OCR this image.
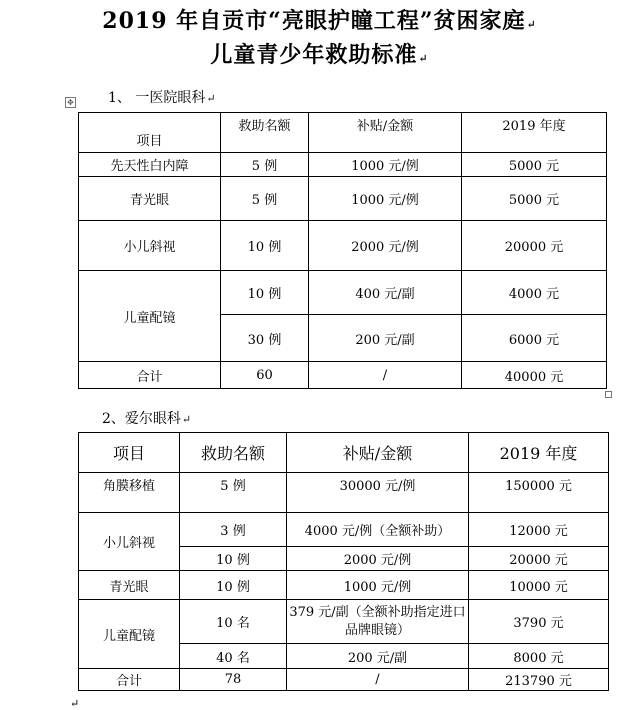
2019 年自贡市“亮眼护瞳工程”贫困家庭↵
儿童青少年救助标准↵
✥ 1、 一医院眼科↵
项目	救助名额	补贴/金额	2019 年度
先天性白内障	5 例	1000 元/例	5000 元
青光眼	5 例	1000 元/例	5000 元
小儿斜视	10 例	2000 元/例	20000 元
儿童配镜	10 例	400 元/副	4000 元
	30 例	200 元/副	6000 元
合计	60	/	40000 元
2、爱尔眼科↵
项目	救助名额	补贴/金额	2019 年度
角膜移植	5 例	30000 元/例	150000 元
小儿斜视	3 例	4000 元/例（全额补助）	12000 元
	10 例	2000 元/例	20000 元
青光眼	10 例	1000 元/例	10000 元
儿童配镜	10 名	379 元/副（全额补助指定进口品牌眼镜）	3790 元
	40 名	200 元/副	8000 元
合计	78	/	213790 元
↵
